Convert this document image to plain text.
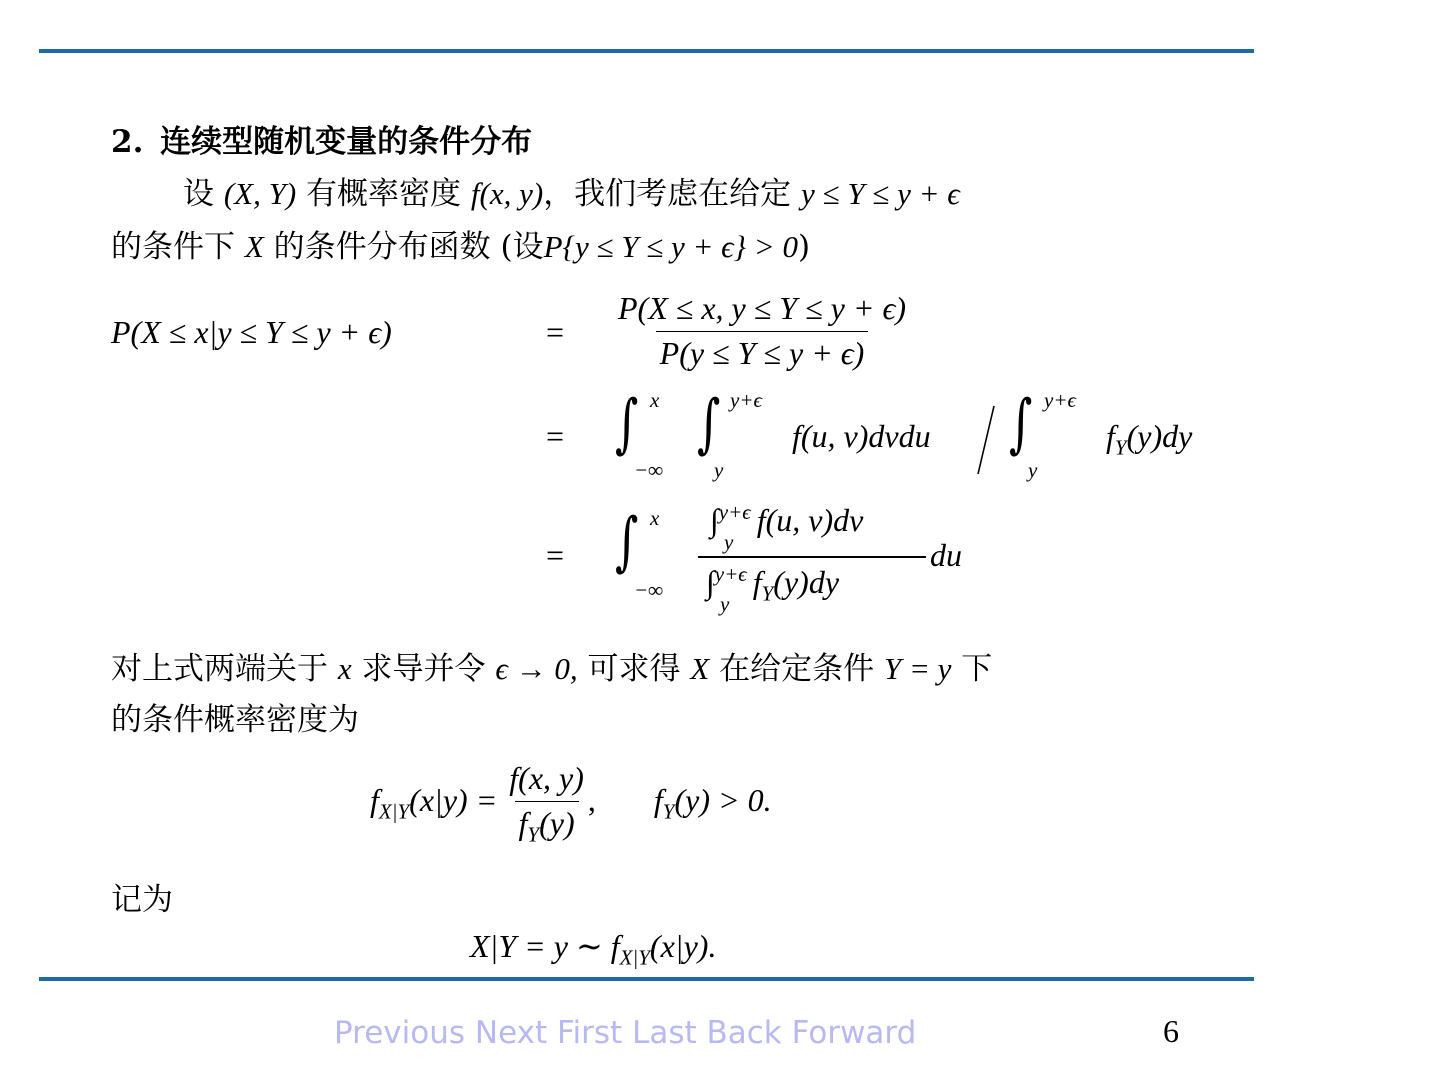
2. 连续型随机变量的条件分布
设 (X, Y) 有概率密度 f(x, y)，我们考虑在给定 y ≤ Y ≤ y + ϵ
的条件下 X 的条件分布函数 (设P{y ≤ Y ≤ y + ϵ} > 0)
P(X ≤ x|y ≤ Y ≤ y + ϵ)	= $\frac{P(X \le x, y \le Y \le y + \epsilon)}{P(y \le Y \le y + \epsilon)}$
= ∫ x
−∞
∫ y+ϵ
y
f(u, v)dvdu ∫ y+ϵ
y
$f_Y(y)dy$
= ∫ x
−∞
∫$^{y+\epsilon}$ f(u, v)dv
y
∫$^{y+\epsilon}$ $f_Y(y)dy$
y
du
对上式两端关于 x 求导并令 ϵ → 0, 可求得 X 在给定条件 Y = y 下
的条件概率密度为
$f_{X|Y}(x|y) = \frac{f(x, y)}{f_Y(y)}$ , $f_Y(y) > 0$.
记为
X|Y = y ∼ $f_{X|Y}(x|y)$.
Previous Next First Last Back Forward	6
